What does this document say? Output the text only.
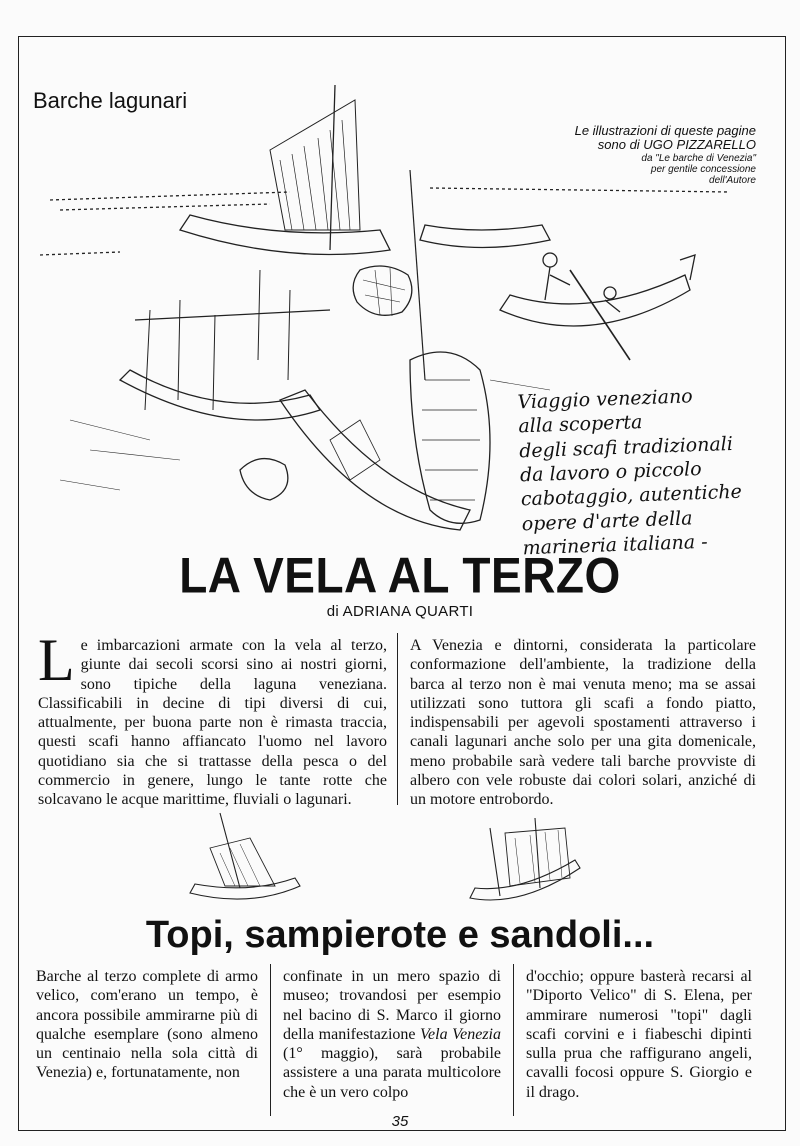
Barche lagunari
Le illustrazioni di queste pagine
sono di UGO PIZZARELLO
da "Le barche di Venezia"
per gentile concessione
dell'Autore
Viaggio veneziano
alla scoperta
degli scafi tradizionali
da lavoro o piccolo
cabotaggio, autentiche
opere d'arte della
marineria italiana -
LA VELA AL TERZO
di ADRIANA QUARTI
Le imbarcazioni armate con la vela al terzo, giunte dai secoli scorsi sino ai nostri giorni, sono tipiche della laguna veneziana. Classificabili in decine di tipi diversi di cui, attualmente, per buona parte non è rimasta traccia, questi scafi hanno affiancato l'uomo nel lavoro quotidiano sia che si trattasse della pesca o del commercio in genere, lungo le tante rotte che solcavano le acque marittime, fluviali o lagunari.
A Venezia e dintorni, considerata la particolare conformazione dell'ambiente, la tradizione della barca al terzo non è mai venuta meno; ma se assai utilizzati sono tuttora gli scafi a fondo piatto, indispensabili per agevoli spostamenti attraverso i canali lagunari anche solo per una gita domenicale, meno probabile sarà vedere tali barche provviste di albero con vele robuste dai colori solari, anziché di un motore entrobordo.
Topi, sampierote e sandoli...
Barche al terzo complete di armo velico, com'erano un tempo, è ancora possibile ammirarne più di qualche esemplare (sono almeno un centinaio nella sola città di Venezia) e, fortunatamente, non
confinate in un mero spazio di museo; trovandosi per esempio nel bacino di S. Marco il giorno della manifestazione Vela Venezia (1° maggio), sarà probabile assistere a una parata multicolore che è un vero colpo
d'occhio; oppure basterà recarsi al "Diporto Velico" di S. Elena, per ammirare numerosi "topi" dagli scafi corvini e i fiabeschi dipinti sulla prua che raffigurano angeli, cavalli focosi oppure S. Giorgio e il drago.
35
